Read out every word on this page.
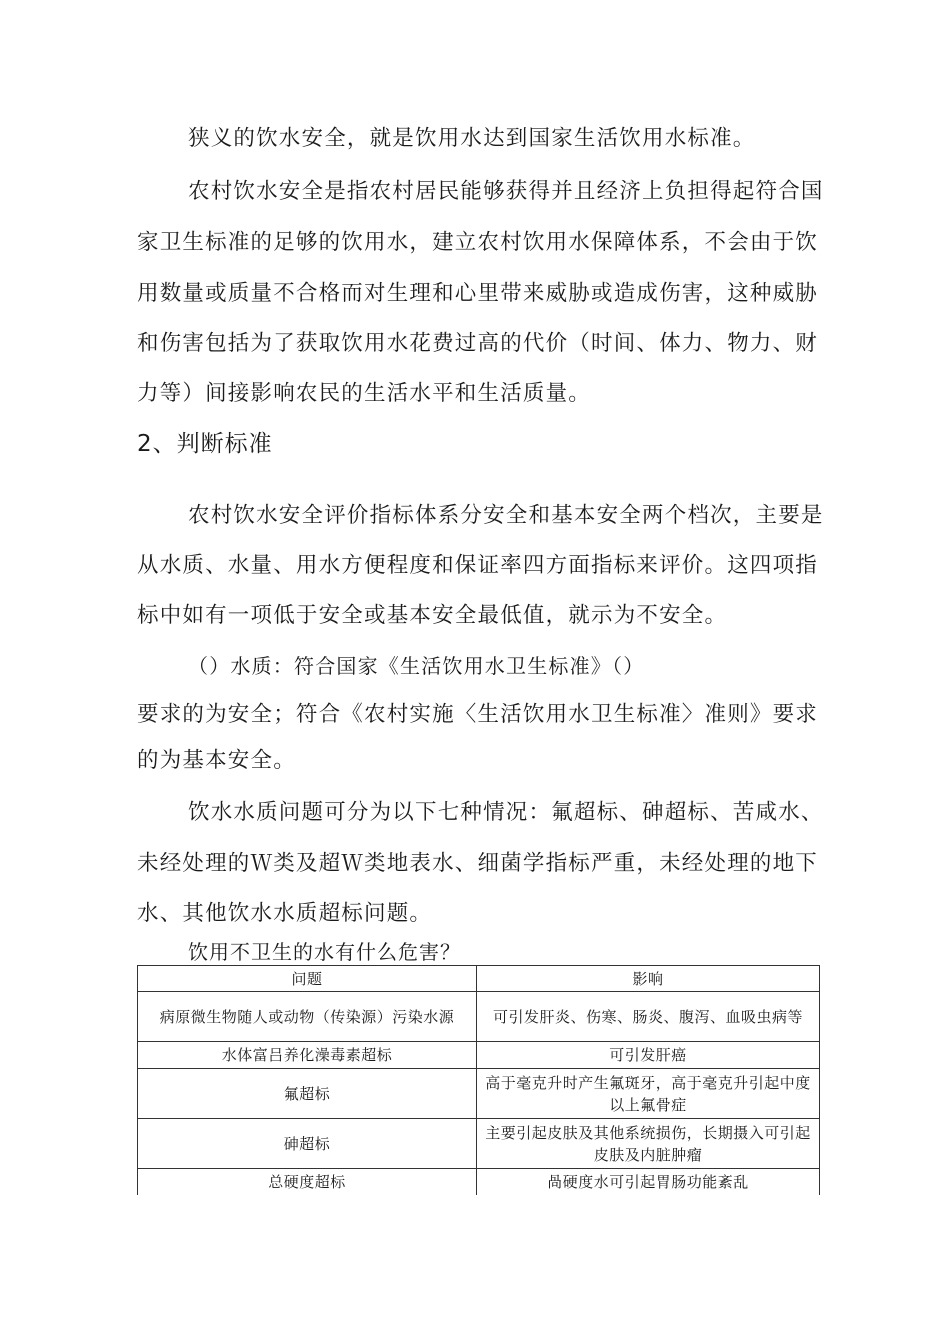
狭义的饮水安全，就是饮用水达到国家生活饮用水标准。
农村饮水安全是指农村居民能够获得并且经济上负担得起符合国
家卫生标准的足够的饮用水，建立农村饮用水保障体系，不会由于饮
用数量或质量不合格而对生理和心里带来威胁或造成伤害，这种威胁
和伤害包括为了获取饮用水花费过高的代价（时间、体力、物力、财
力等）间接影响农民的生活水平和生活质量。
2、判断标准
农村饮水安全评价指标体系分安全和基本安全两个档次，主要是
从水质、水量、用水方便程度和保证率四方面指标来评价。这四项指
标中如有一项低于安全或基本安全最低值，就示为不安全。
（）水质：符合国家《生活饮用水卫生标准》（）
要求的为安全；符合《农村实施〈生活饮用水卫生标准〉准则》要求
的为基本安全。
饮水水质问题可分为以下七种情况：氟超标、砷超标、苦咸水、
未经处理的Ｗ类及超Ｗ类地表水、细菌学指标严重，未经处理的地下
水、其他饮水水质超标问题。
饮用不卫生的水有什么危害？
问题	影响
病原微生物随人或动物（传染源）污染水源	可引发肝炎、伤寒、肠炎、腹泻、血吸虫病等
水体富吕养化澡毒素超标	可引发肝癌
氟超标	高于毫克升时产生氟斑牙，高于毫克升引起中度以上氟骨症
砷超标	主要引起皮肤及其他系统损伤，长期摄入可引起皮肤及内脏肿瘤
总硬度超标	咼硬度水可引起胃肠功能紊乱
